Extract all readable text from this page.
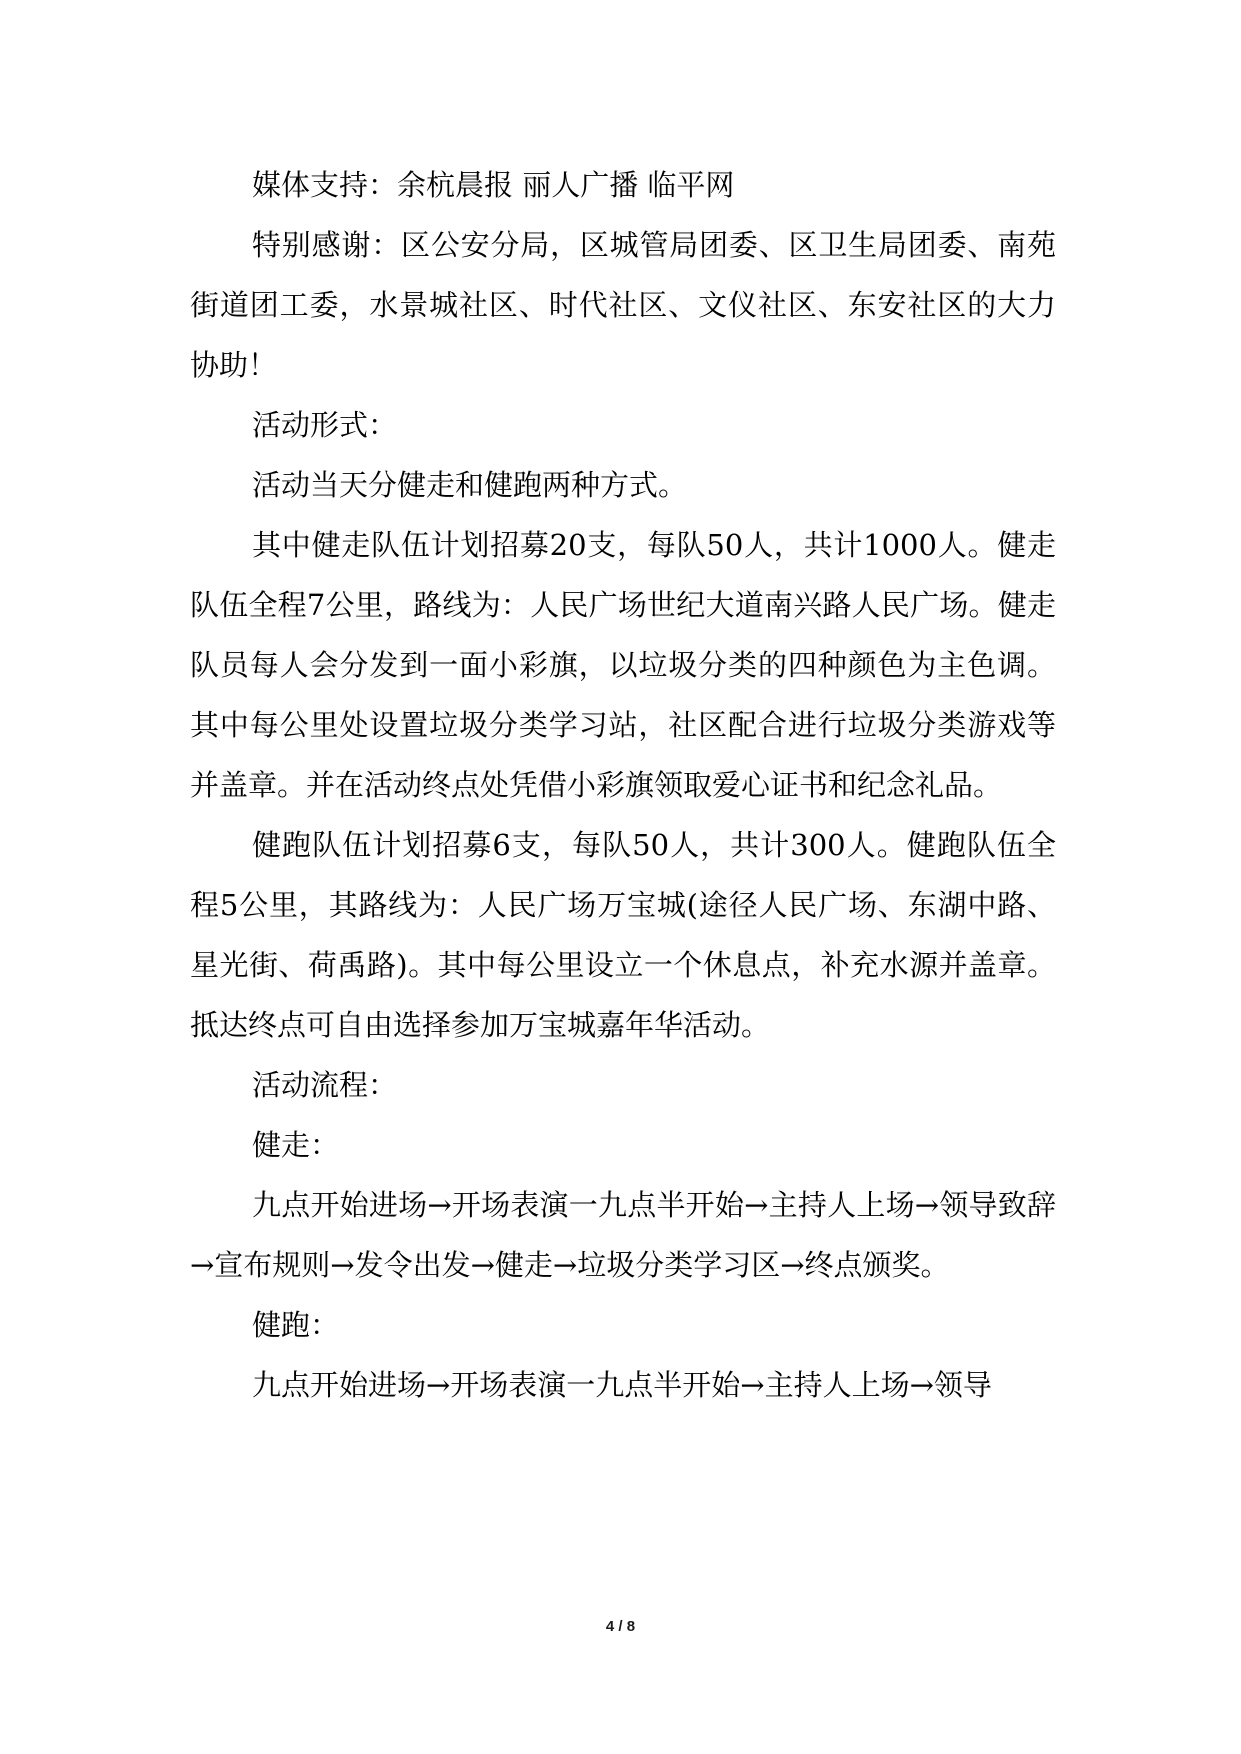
媒体支持：余杭晨报 丽人广播 临平网

特别感谢：区公安分局，区城管局团委、区卫生局团委、南苑街道团工委，水景城社区、时代社区、文仪社区、东安社区的大力协助！

活动形式：

活动当天分健走和健跑两种方式。

其中健走队伍计划招募20支，每队50人，共计1000人。健走队伍全程7公里，路线为：人民广场世纪大道南兴路人民广场。健走队员每人会分发到一面小彩旗，以垃圾分类的四种颜色为主色调。其中每公里处设置垃圾分类学习站，社区配合进行垃圾分类游戏等并盖章。并在活动终点处凭借小彩旗领取爱心证书和纪念礼品。

健跑队伍计划招募6支，每队50人，共计300人。健跑队伍全程5公里，其路线为：人民广场万宝城(途径人民广场、东湖中路、星光街、荷禹路)。其中每公里设立一个休息点，补充水源并盖章。抵达终点可自由选择参加万宝城嘉年华活动。

活动流程：

健走：

九点开始进场→开场表演一九点半开始→主持人上场→领导致辞→宣布规则→发令出发→健走→垃圾分类学习区→终点颁奖。

健跑：

九点开始进场→开场表演一九点半开始→主持人上场→领导

4 / 8
